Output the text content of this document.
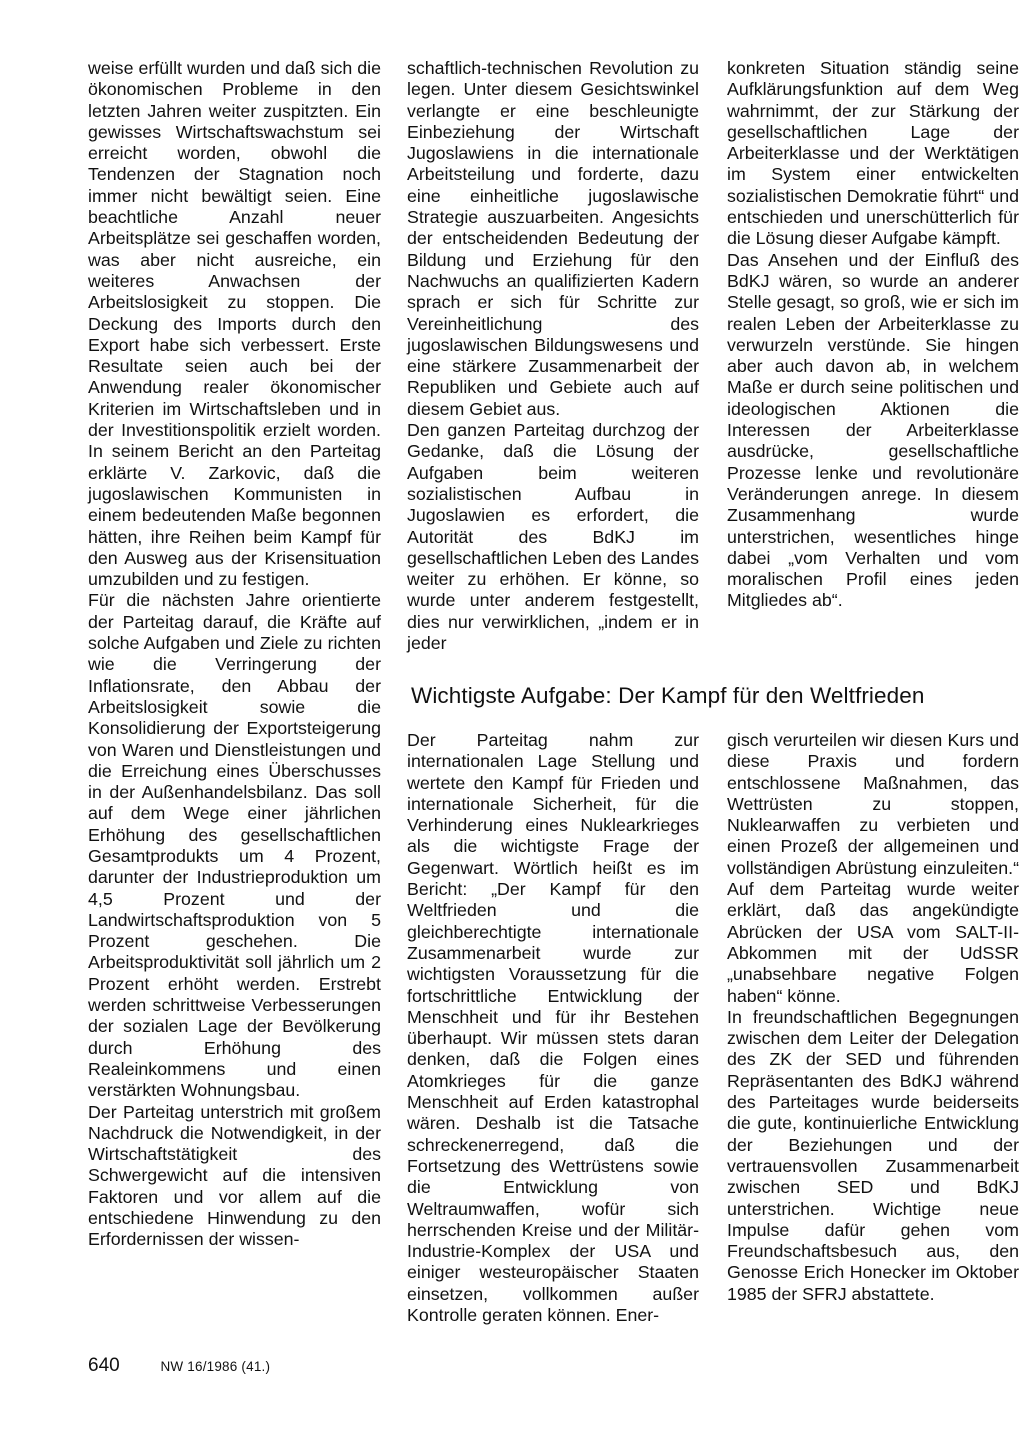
weise erfüllt wurden und daß sich die ökonomischen Probleme in den letzten Jahren weiter zuspitzten. Ein gewisses Wirtschaftswachstum sei erreicht worden, obwohl die Tendenzen der Stagnation noch immer nicht bewältigt seien. Eine beachtliche Anzahl neuer Arbeitsplätze sei geschaffen worden, was aber nicht ausreiche, ein weiteres Anwachsen der Arbeitslosigkeit zu stoppen. Die Deckung des Imports durch den Export habe sich verbessert. Erste Resultate seien auch bei der Anwendung realer ökonomischer Kriterien im Wirtschaftsleben und in der Investitionspolitik erzielt worden. In seinem Bericht an den Parteitag erklärte V. Zarkovic, daß die jugoslawischen Kommunisten in einem bedeutenden Maße begonnen hätten, ihre Reihen beim Kampf für den Ausweg aus der Krisensituation umzubilden und zu festigen.

Für die nächsten Jahre orientierte der Parteitag darauf, die Kräfte auf solche Aufgaben und Ziele zu richten wie die Verringerung der Inflationsrate, den Abbau der Arbeitslosigkeit sowie die Konsolidierung der Exportsteigerung von Waren und Dienstleistungen und die Erreichung eines Überschusses in der Außenhandelsbilanz. Das soll auf dem Wege einer jährlichen Erhöhung des gesellschaftlichen Gesamtprodukts um 4 Prozent, darunter der Industrieproduktion um 4,5 Prozent und der Landwirtschaftsproduktion von 5 Prozent geschehen. Die Arbeitsproduktivität soll jährlich um 2 Prozent erhöht werden. Erstrebt werden schrittweise Verbesserungen der sozialen Lage der Bevölkerung durch Erhöhung des Realeinkommens und einen verstärkten Wohnungsbau.

Der Parteitag unterstrich mit großem Nachdruck die Notwendigkeit, in der Wirtschaftstätigkeit des Schwergewicht auf die intensiven Faktoren und vor allem auf die entschiedene Hinwendung zu den Erfordernissen der wissen-

schaftlich-technischen Revolution zu legen. Unter diesem Gesichtswinkel verlangte er eine beschleunigte Einbeziehung der Wirtschaft Jugoslawiens in die internationale Arbeitsteilung und forderte, dazu eine einheitliche jugoslawische Strategie auszuarbeiten. Angesichts der entscheidenden Bedeutung der Bildung und Erziehung für den Nachwuchs an qualifizierten Kadern sprach er sich für Schritte zur Vereinheitlichung des jugoslawischen Bildungswesens und eine stärkere Zusammenarbeit der Republiken und Gebiete auch auf diesem Gebiet aus.

Den ganzen Parteitag durchzog der Gedanke, daß die Lösung der Aufgaben beim weiteren sozialistischen Aufbau in Jugoslawien es erfordert, die Autorität des BdKJ im gesellschaftlichen Leben des Landes weiter zu erhöhen. Er könne, so wurde unter anderem festgestellt, dies nur verwirklichen, „indem er in jeder

konkreten Situation ständig seine Aufklärungsfunktion auf dem Weg wahrnimmt, der zur Stärkung der gesellschaftlichen Lage der Arbeiterklasse und der Werktätigen im System einer entwickelten sozialistischen Demokratie führt“ und entschieden und unerschütterlich für die Lösung dieser Aufgabe kämpft.

Das Ansehen und der Einfluß des BdKJ wären, so wurde an anderer Stelle gesagt, so groß, wie er sich im realen Leben der Arbeiterklasse zu verwurzeln verstünde. Sie hingen aber auch davon ab, in welchem Maße er durch seine politischen und ideologischen Aktionen die Interessen der Arbeiterklasse ausdrücke, gesellschaftliche Prozesse lenke und revolutionäre Veränderungen anrege. In diesem Zusammenhang wurde unterstrichen, wesentliches hinge dabei „vom Verhalten und vom moralischen Profil eines jeden Mitgliedes ab“.

Wichtigste Aufgabe: Der Kampf für den Weltfrieden

Der Parteitag nahm zur internationalen Lage Stellung und wertete den Kampf für Frieden und internationale Sicherheit, für die Verhinderung eines Nuklearkrieges als die wichtigste Frage der Gegenwart. Wörtlich heißt es im Bericht: „Der Kampf für den Weltfrieden und die gleichberechtigte internationale Zusammenarbeit wurde zur wichtigsten Voraussetzung für die fortschrittliche Entwicklung der Menschheit und für ihr Bestehen überhaupt. Wir müssen stets daran denken, daß die Folgen eines Atomkrieges für die ganze Menschheit auf Erden katastrophal wären. Deshalb ist die Tatsache schreckenerregend, daß die Fortsetzung des Wettrüstens sowie die Entwicklung von Weltraumwaffen, wofür sich herrschenden Kreise und der Militär-Industrie-Komplex der USA und einiger westeuropäischer Staaten einsetzen, vollkommen außer Kontrolle geraten können. Ener-

gisch verurteilen wir diesen Kurs und diese Praxis und fordern entschlossene Maßnahmen, das Wettrüsten zu stoppen, Nuklearwaffen zu verbieten und einen Prozeß der allgemeinen und vollständigen Abrüstung einzuleiten.“ Auf dem Parteitag wurde weiter erklärt, daß das angekündigte Abrücken der USA vom SALT-II-Abkommen mit der UdSSR „unabsehbare negative Folgen haben“ könne.

In freundschaftlichen Begegnungen zwischen dem Leiter der Delegation des ZK der SED und führenden Repräsentanten des BdKJ während des Parteitages wurde beiderseits die gute, kontinuierliche Entwicklung der Beziehungen und der vertrauensvollen Zusammenarbeit zwischen SED und BdKJ unterstrichen. Wichtige neue Impulse dafür gehen vom Freundschaftsbesuch aus, den Genosse Erich Honecker im Oktober 1985 der SFRJ abstattete.

640	NW 16/1986 (41.)
